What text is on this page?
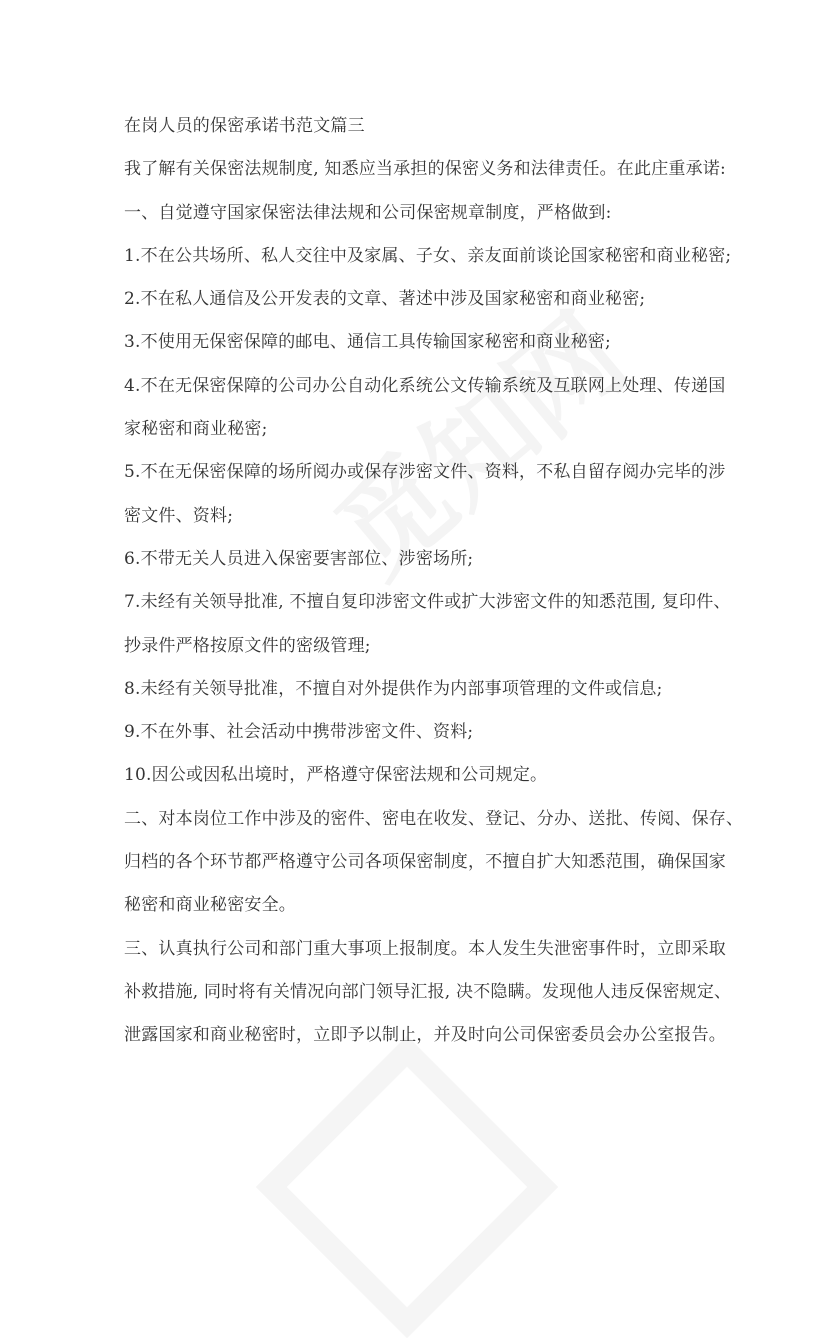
在岗人员的保密承诺书范文篇三
我了解有关保密法规制度, 知悉应当承担的保密义务和法律责任。在此庄重承诺:
一、自觉遵守国家保密法律法规和公司保密规章制度，严格做到:
1.不在公共场所、私人交往中及家属、子女、亲友面前谈论国家秘密和商业秘密;
2.不在私人通信及公开发表的文章、著述中涉及国家秘密和商业秘密;
3.不使用无保密保障的邮电、通信工具传输国家秘密和商业秘密;
4.不在无保密保障的公司办公自动化系统公文传输系统及互联网上处理、传递国
家秘密和商业秘密;
5.不在无保密保障的场所阅办或保存涉密文件、资料，不私自留存阅办完毕的涉
密文件、资料;
6.不带无关人员进入保密要害部位、涉密场所;
7.未经有关领导批准, 不擅自复印涉密文件或扩大涉密文件的知悉范围, 复印件、
抄录件严格按原文件的密级管理;
8.未经有关领导批准，不擅自对外提供作为内部事项管理的文件或信息;
9.不在外事、社会活动中携带涉密文件、资料;
10.因公或因私出境时，严格遵守保密法规和公司规定。
二、对本岗位工作中涉及的密件、密电在收发、登记、分办、送批、传阅、保存、
归档的各个环节都严格遵守公司各项保密制度，不擅自扩大知悉范围，确保国家
秘密和商业秘密安全。
三、认真执行公司和部门重大事项上报制度。本人发生失泄密事件时，立即采取
补救措施, 同时将有关情况向部门领导汇报, 决不隐瞒。发现他人违反保密规定、
泄露国家和商业秘密时，立即予以制止，并及时向公司保密委员会办公室报告。
